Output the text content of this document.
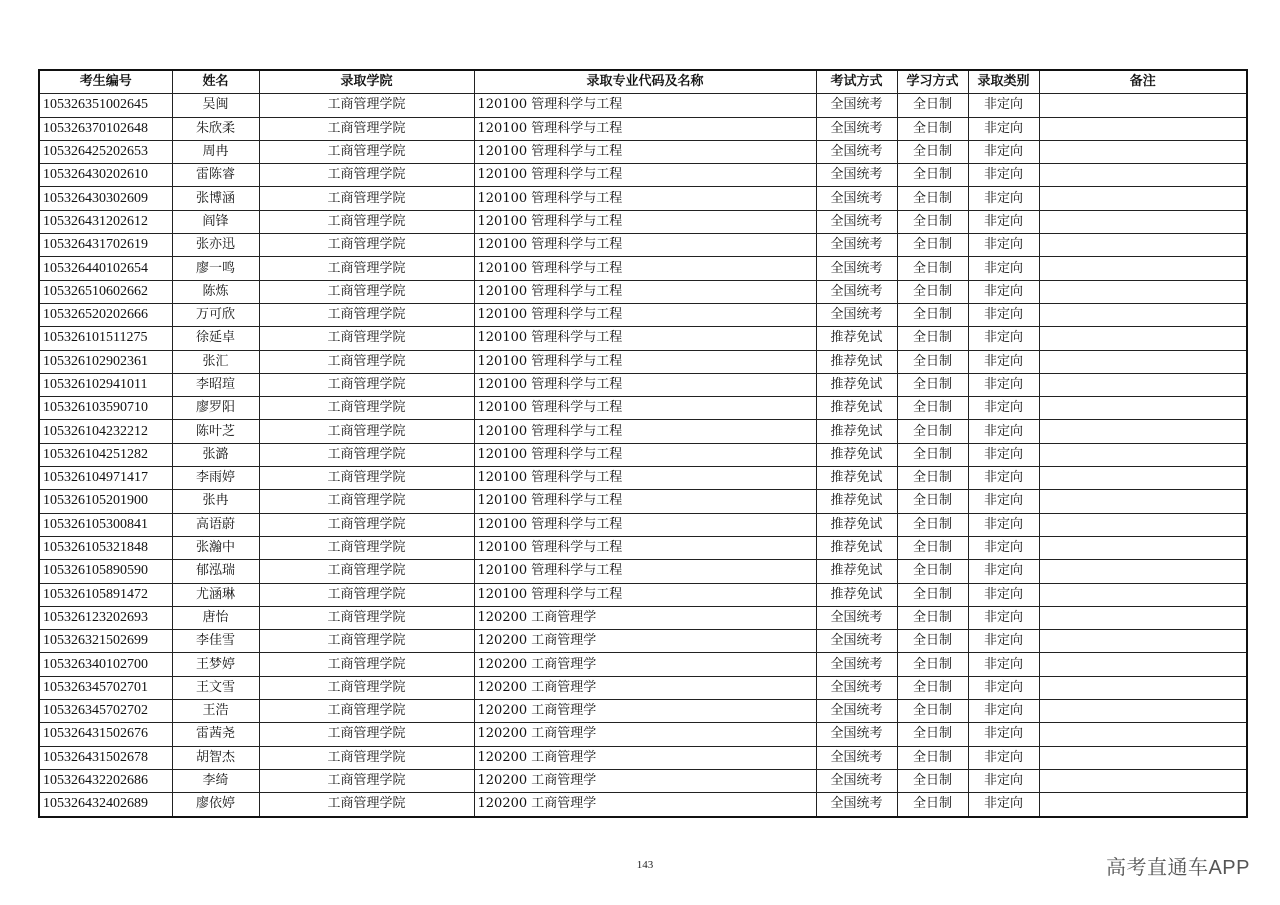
考生编号	姓名	录取学院	录取专业代码及名称	考试方式	学习方式	录取类别	备注
105326351002645	吴闽	工商管理学院	120100 管理科学与工程	全国统考	全日制	非定向	
105326370102648	朱欣柔	工商管理学院	120100 管理科学与工程	全国统考	全日制	非定向	
105326425202653	周冉	工商管理学院	120100 管理科学与工程	全国统考	全日制	非定向	
105326430202610	雷陈睿	工商管理学院	120100 管理科学与工程	全国统考	全日制	非定向	
105326430302609	张博涵	工商管理学院	120100 管理科学与工程	全国统考	全日制	非定向	
105326431202612	阎锋	工商管理学院	120100 管理科学与工程	全国统考	全日制	非定向	
105326431702619	张亦迅	工商管理学院	120100 管理科学与工程	全国统考	全日制	非定向	
105326440102654	廖一鸣	工商管理学院	120100 管理科学与工程	全国统考	全日制	非定向	
105326510602662	陈炼	工商管理学院	120100 管理科学与工程	全国统考	全日制	非定向	
105326520202666	万可欣	工商管理学院	120100 管理科学与工程	全国统考	全日制	非定向	
105326101511275	徐延卓	工商管理学院	120100 管理科学与工程	推荐免试	全日制	非定向	
105326102902361	张汇	工商管理学院	120100 管理科学与工程	推荐免试	全日制	非定向	
105326102941011	李昭瑄	工商管理学院	120100 管理科学与工程	推荐免试	全日制	非定向	
105326103590710	廖罗阳	工商管理学院	120100 管理科学与工程	推荐免试	全日制	非定向	
105326104232212	陈叶芝	工商管理学院	120100 管理科学与工程	推荐免试	全日制	非定向	
105326104251282	张潞	工商管理学院	120100 管理科学与工程	推荐免试	全日制	非定向	
105326104971417	李雨婷	工商管理学院	120100 管理科学与工程	推荐免试	全日制	非定向	
105326105201900	张冉	工商管理学院	120100 管理科学与工程	推荐免试	全日制	非定向	
105326105300841	高语蔚	工商管理学院	120100 管理科学与工程	推荐免试	全日制	非定向	
105326105321848	张瀚中	工商管理学院	120100 管理科学与工程	推荐免试	全日制	非定向	
105326105890590	郁泓瑞	工商管理学院	120100 管理科学与工程	推荐免试	全日制	非定向	
105326105891472	尤涵琳	工商管理学院	120100 管理科学与工程	推荐免试	全日制	非定向	
105326123202693	唐怡	工商管理学院	120200 工商管理学	全国统考	全日制	非定向	
105326321502699	李佳雪	工商管理学院	120200 工商管理学	全国统考	全日制	非定向	
105326340102700	王梦婷	工商管理学院	120200 工商管理学	全国统考	全日制	非定向	
105326345702701	王文雪	工商管理学院	120200 工商管理学	全国统考	全日制	非定向	
105326345702702	王浩	工商管理学院	120200 工商管理学	全国统考	全日制	非定向	
105326431502676	雷茜尧	工商管理学院	120200 工商管理学	全国统考	全日制	非定向	
105326431502678	胡智杰	工商管理学院	120200 工商管理学	全国统考	全日制	非定向	
105326432202686	李绮	工商管理学院	120200 工商管理学	全国统考	全日制	非定向	
105326432402689	廖依婷	工商管理学院	120200 工商管理学	全国统考	全日制	非定向	
143	高考直通车APP
